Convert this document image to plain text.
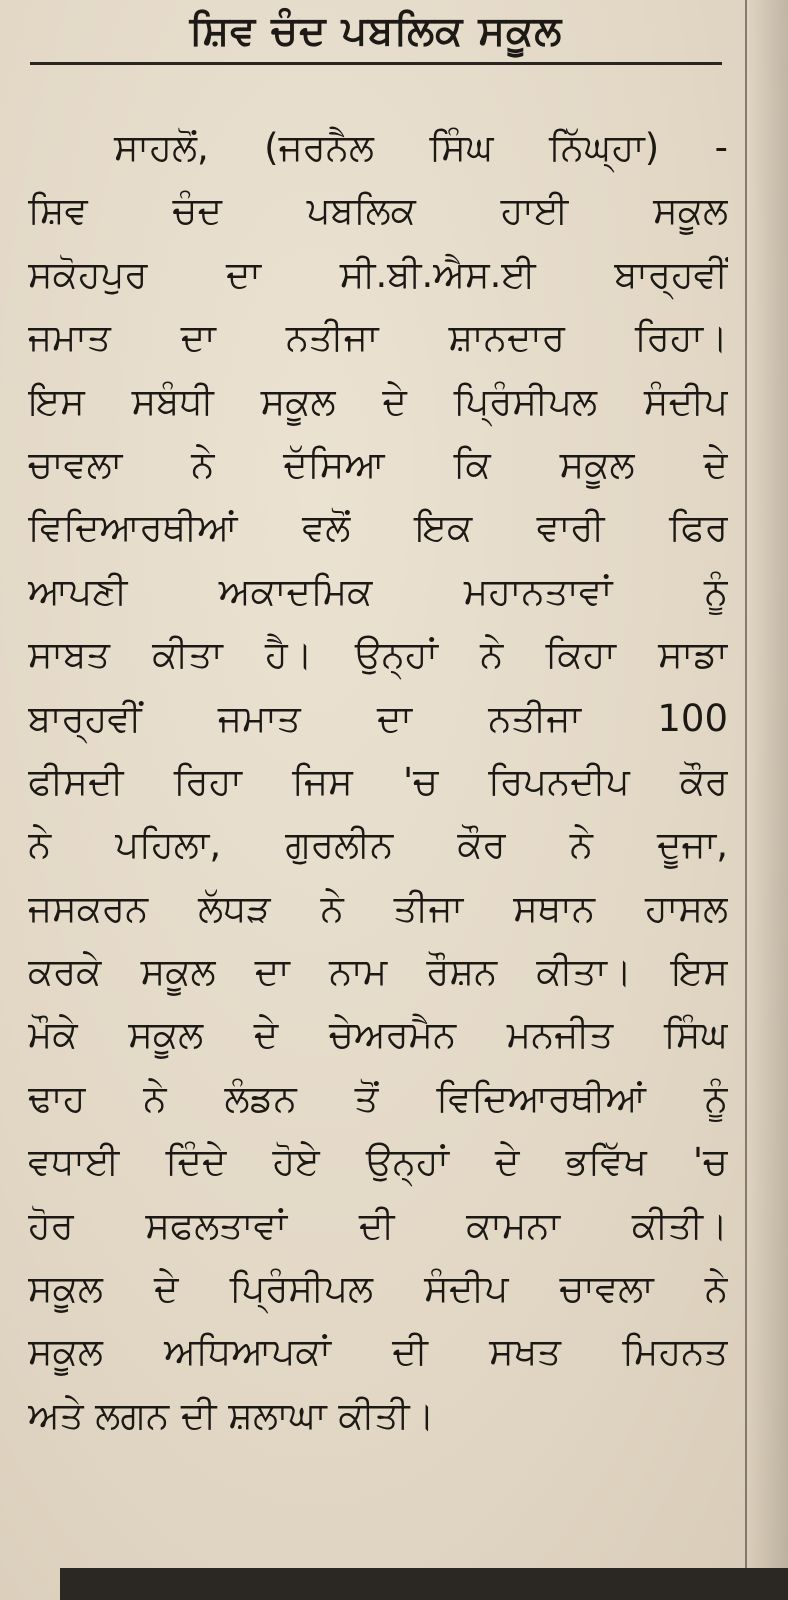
ਸ਼ਿਵ ਚੰਦ ਪਬਲਿਕ ਸਕੂਲ
ਸਾਹਲੋਂ, (ਜਰਨੈਲ ਸਿੰਘ ਨਿੱਘ੍ਹਾ) -
ਸ਼ਿਵ ਚੰਦ ਪਬਲਿਕ ਹਾਈ ਸਕੂਲ
ਸਕੋਹਪੁਰ ਦਾ ਸੀ.ਬੀ.ਐਸ.ਈ ਬਾਰ੍ਹਵੀਂ
ਜਮਾਤ ਦਾ ਨਤੀਜਾ ਸ਼ਾਨਦਾਰ ਰਿਹਾ।
ਇਸ ਸਬੰਧੀ ਸਕੂਲ ਦੇ ਪ੍ਰਿੰਸੀਪਲ ਸੰਦੀਪ
ਚਾਵਲਾ ਨੇ ਦੱਸਿਆ ਕਿ ਸਕੂਲ ਦੇ
ਵਿਦਿਆਰਥੀਆਂ ਵਲੋਂ ਇਕ ਵਾਰੀ ਫਿਰ
ਆਪਣੀ ਅਕਾਦਮਿਕ ਮਹਾਨਤਾਵਾਂ ਨੂੰ
ਸਾਬਤ ਕੀਤਾ ਹੈ। ਉਨ੍ਹਾਂ ਨੇ ਕਿਹਾ ਸਾਡਾ
ਬਾਰ੍ਹਵੀਂ ਜਮਾਤ ਦਾ ਨਤੀਜਾ 100
ਫੀਸਦੀ ਰਿਹਾ ਜਿਸ 'ਚ ਰਿਪਨਦੀਪ ਕੌਰ
ਨੇ ਪਹਿਲਾ, ਗੁਰਲੀਨ ਕੌਰ ਨੇ ਦੂਜਾ,
ਜਸਕਰਨ ਲੱਧੜ ਨੇ ਤੀਜਾ ਸਥਾਨ ਹਾਸਲ
ਕਰਕੇ ਸਕੂਲ ਦਾ ਨਾਮ ਰੌਸ਼ਨ ਕੀਤਾ। ਇਸ
ਮੌਕੇ ਸਕੂਲ ਦੇ ਚੇਅਰਮੈਨ ਮਨਜੀਤ ਸਿੰਘ
ਢਾਹ ਨੇ ਲੰਡਨ ਤੋਂ ਵਿਦਿਆਰਥੀਆਂ ਨੂੰ
ਵਧਾਈ ਦਿੰਦੇ ਹੋਏ ਉਨ੍ਹਾਂ ਦੇ ਭਵਿੱਖ 'ਚ
ਹੋਰ ਸਫਲਤਾਵਾਂ ਦੀ ਕਾਮਨਾ ਕੀਤੀ।
ਸਕੂਲ ਦੇ ਪ੍ਰਿੰਸੀਪਲ ਸੰਦੀਪ ਚਾਵਲਾ ਨੇ
ਸਕੂਲ ਅਧਿਆਪਕਾਂ ਦੀ ਸਖਤ ਮਿਹਨਤ
ਅਤੇ ਲਗਨ ਦੀ ਸ਼ਲਾਘਾ ਕੀਤੀ।
